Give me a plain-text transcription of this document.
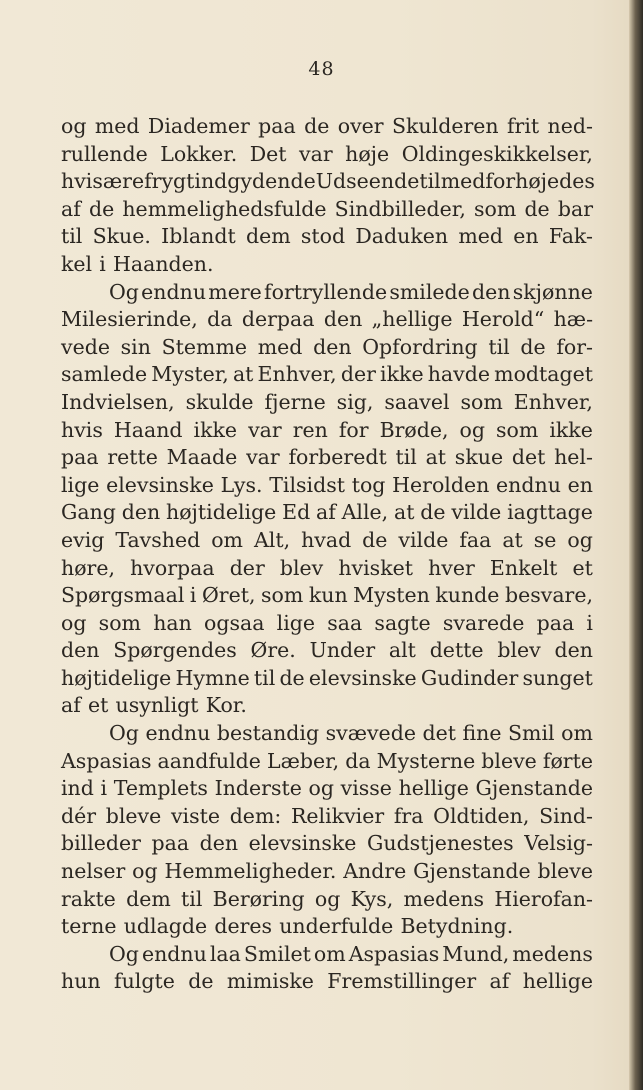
48
og med Diademer paa de over Skulderen frit ned-
rullende Lokker. Det var høje Oldingeskikkelser,
hvis ærefrygtindgydende Udseende tilmed forhøjedes
af de hemmelighedsfulde Sindbilleder, som de bar
til Skue. Iblandt dem stod Daduken med en Fak-
kel i Haanden.
Og endnu mere fortryllende smilede den skjønne
Milesierinde, da derpaa den „hellige Herold“ hæ-
vede sin Stemme med den Opfordring til de for-
samlede Myster, at Enhver, der ikke havde modtaget
Indvielsen, skulde fjerne sig, saavel som Enhver,
hvis Haand ikke var ren for Brøde, og som ikke
paa rette Maade var forberedt til at skue det hel-
lige elevsinske Lys. Tilsidst tog Herolden endnu en
Gang den højtidelige Ed af Alle, at de vilde iagttage
evig Tavshed om Alt, hvad de vilde faa at se og
høre, hvorpaa der blev hvisket hver Enkelt et
Spørgsmaal i Øret, som kun Mysten kunde besvare,
og som han ogsaa lige saa sagte svarede paa i
den Spørgendes Øre. Under alt dette blev den
højtidelige Hymne til de elevsinske Gudinder sunget
af et usynligt Kor.
Og endnu bestandig svævede det fine Smil om
Aspasias aandfulde Læber, da Mysterne bleve førte
ind i Templets Inderste og visse hellige Gjenstande
dér bleve viste dem: Relikvier fra Oldtiden, Sind-
billeder paa den elevsinske Gudstjenestes Velsig-
nelser og Hemmeligheder. Andre Gjenstande bleve
rakte dem til Berøring og Kys, medens Hierofan-
terne udlagde deres underfulde Betydning.
Og endnu laa Smilet om Aspasias Mund, medens
hun fulgte de mimiske Fremstillinger af hellige
